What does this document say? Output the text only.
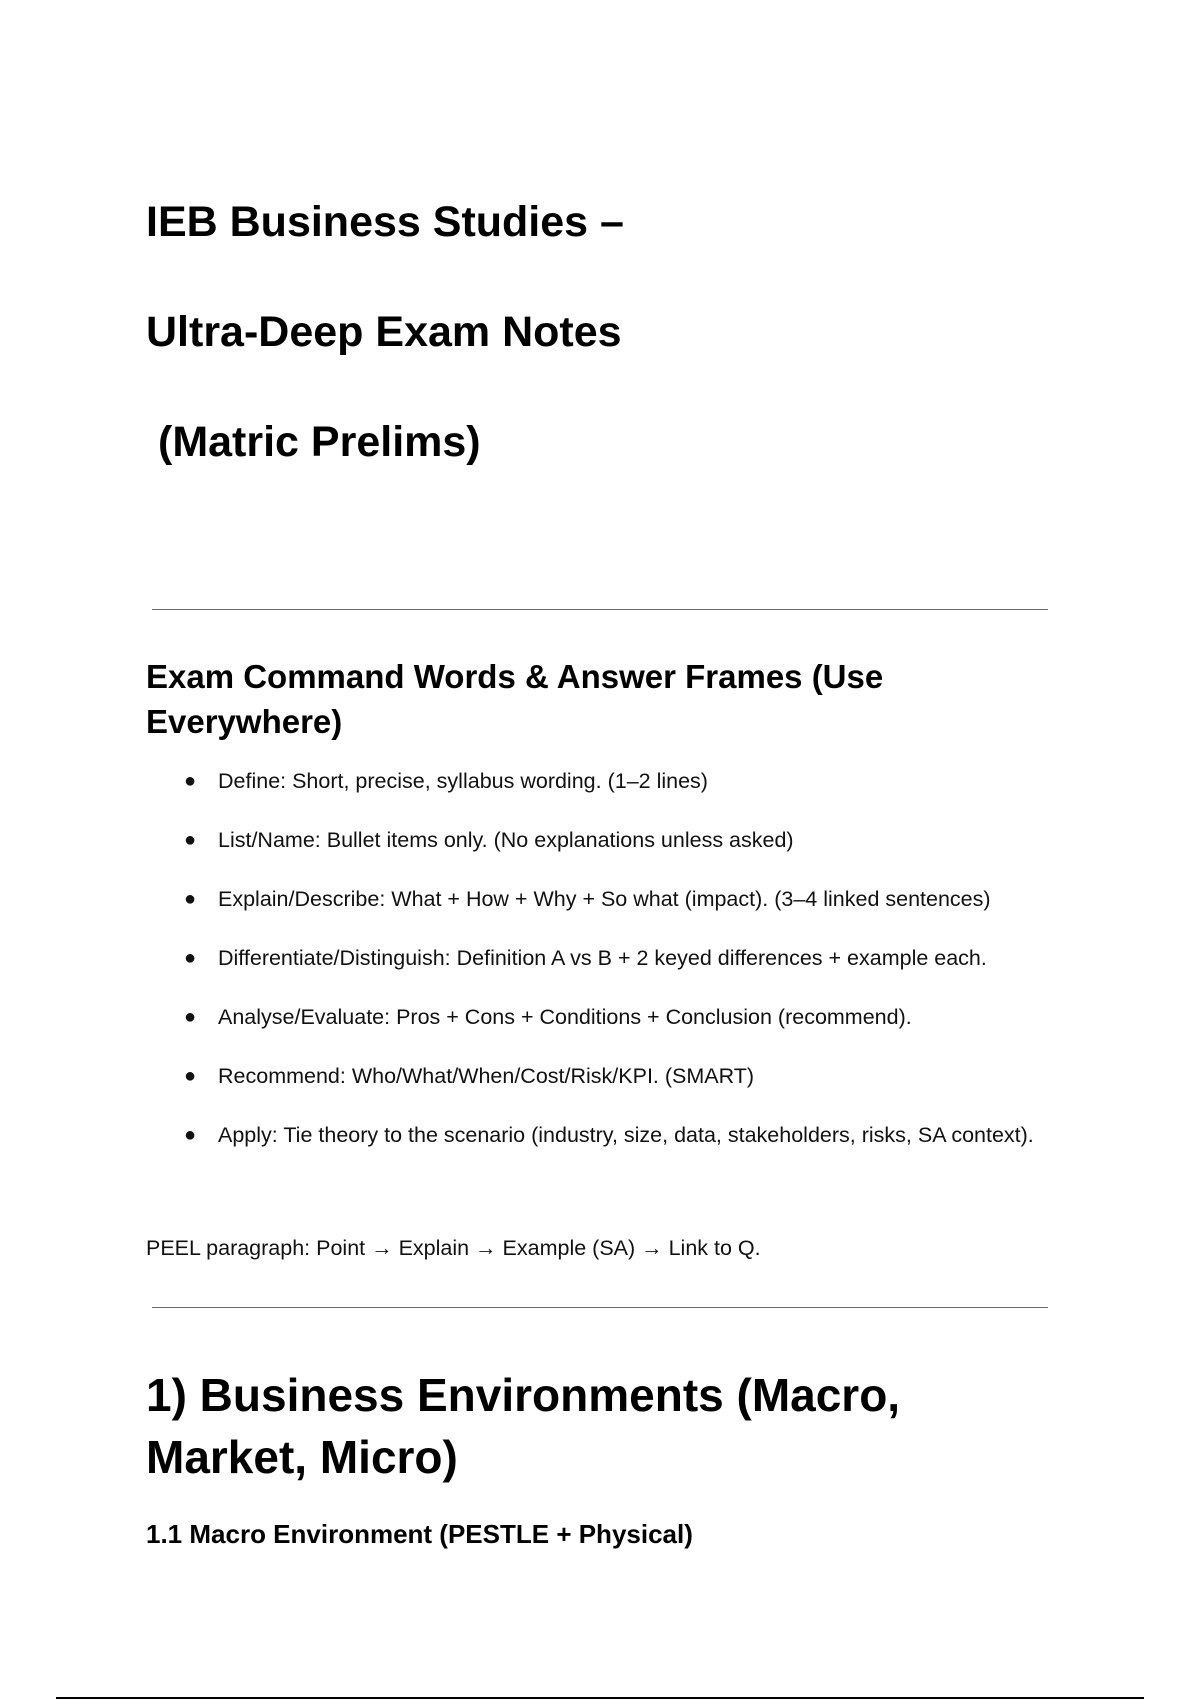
IEB Business Studies –
Ultra-Deep Exam Notes
(Matric Prelims)
Exam Command Words & Answer Frames (Use Everywhere)
● Define: Short, precise, syllabus wording. (1–2 lines)
● List/Name: Bullet items only. (No explanations unless asked)
● Explain/Describe: What + How + Why + So what (impact). (3–4 linked sentences)
● Differentiate/Distinguish: Definition A vs B + 2 keyed differences + example each.
● Analyse/Evaluate: Pros + Cons + Conditions + Conclusion (recommend).
● Recommend: Who/What/When/Cost/Risk/KPI. (SMART)
● Apply: Tie theory to the scenario (industry, size, data, stakeholders, risks, SA context).

PEEL paragraph: Point → Explain → Example (SA) → Link to Q.

1) Business Environments (Macro, Market, Micro)
1.1 Macro Environment (PESTLE + Physical)
